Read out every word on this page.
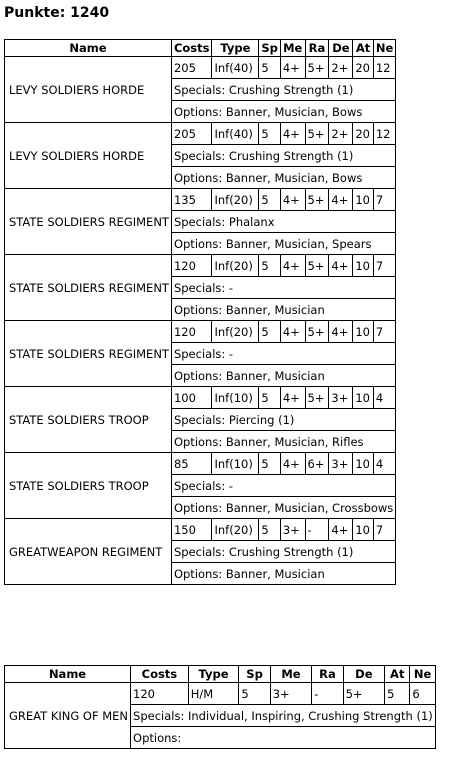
Punkte: 1240
Name	Costs	Type	Sp	Me	Ra	De	At	Ne
LEVY SOLDIERS HORDE	205	Inf(40)	5	4+	5+	2+	20	12
	Specials: Crushing Strength (1)							
	Options: Banner, Musician, Bows							
LEVY SOLDIERS HORDE	205	Inf(40)	5	4+	5+	2+	20	12
	Specials: Crushing Strength (1)							
	Options: Banner, Musician, Bows							
STATE SOLDIERS REGIMENT	135	Inf(20)	5	4+	5+	4+	10	7
	Specials: Phalanx							
	Options: Banner, Musician, Spears							
STATE SOLDIERS REGIMENT	120	Inf(20)	5	4+	5+	4+	10	7
	Specials: -							
	Options: Banner, Musician							
STATE SOLDIERS REGIMENT	120	Inf(20)	5	4+	5+	4+	10	7
	Specials: -							
	Options: Banner, Musician							
STATE SOLDIERS TROOP	100	Inf(10)	5	4+	5+	3+	10	4
	Specials: Piercing (1)							
	Options: Banner, Musician, Rifles							
STATE SOLDIERS TROOP	85	Inf(10)	5	4+	6+	3+	10	4
	Specials: -							
	Options: Banner, Musician, Crossbows							
GREATWEAPON REGIMENT	150	Inf(20)	5	3+	-	4+	10	7
	Specials: Crushing Strength (1)							
	Options: Banner, Musician							
Name	Costs	Type	Sp	Me	Ra	De	At	Ne
GREAT KING OF MEN	120	H/M	5	3+	-	5+	5	6
	Specials: Individual, Inspiring, Crushing Strength (1)							
	Options:							
